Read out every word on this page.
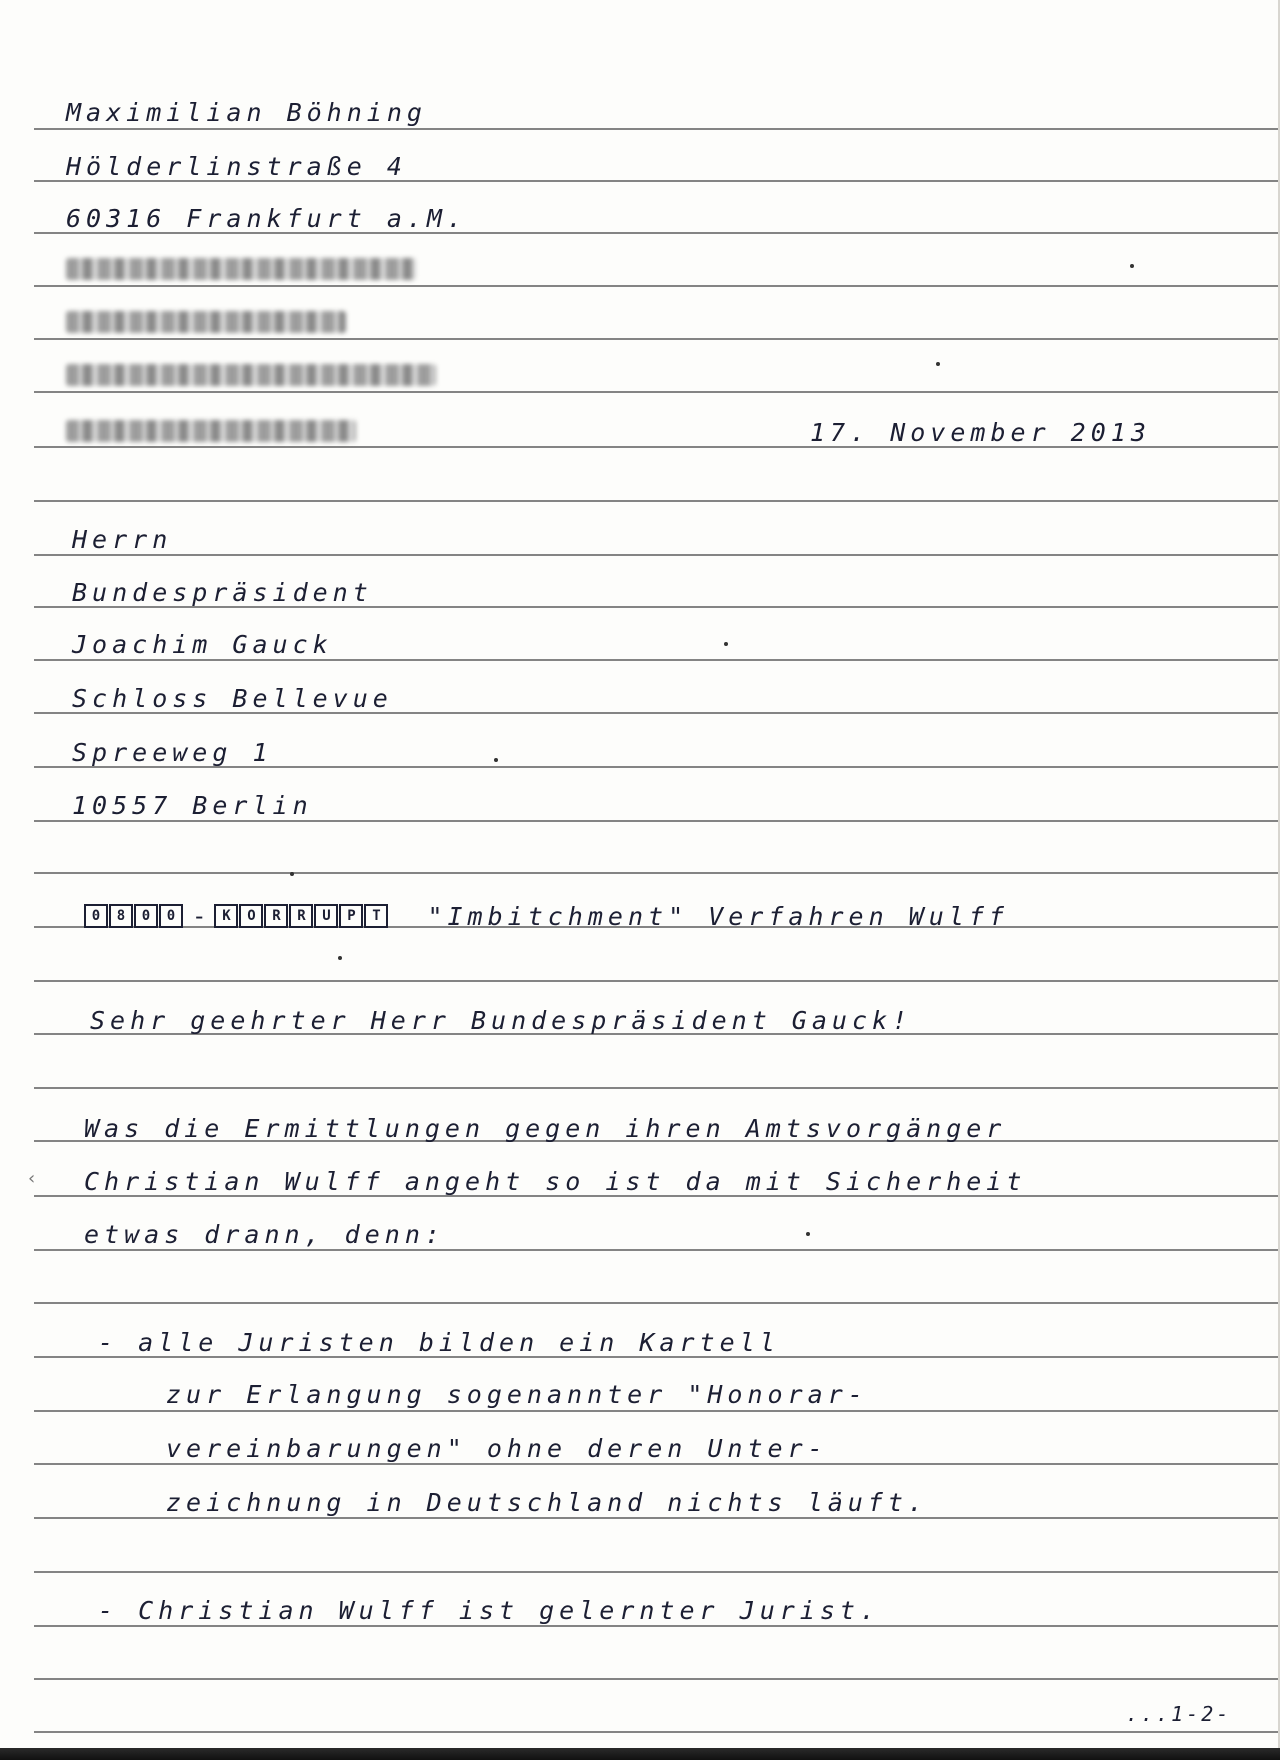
Maximilian Böhning
Hölderlinstraße 4
60316 Frankfurt a.M.
17. November 2013
Herrn
Bundespräsident
Joachim Gauck
Schloss Bellevue
Spreeweg 1
10557 Berlin
0	8	0	0 -	K	O	R	R	U	P	T	"Imbitchment" Verfahren Wulff
Sehr geehrter Herr Bundespräsident Gauck!
Was die Ermittlungen gegen ihren Amtsvorgänger
Christian Wulff angeht so ist da mit Sicherheit
etwas drann, denn:
- alle Juristen bilden ein Kartell
zur Erlangung sogenannter "Honorar-
vereinbarungen" ohne deren Unter-
zeichnung in Deutschland nichts läuft.
- Christian Wulff ist gelernter Jurist.
...1-2-
‹
